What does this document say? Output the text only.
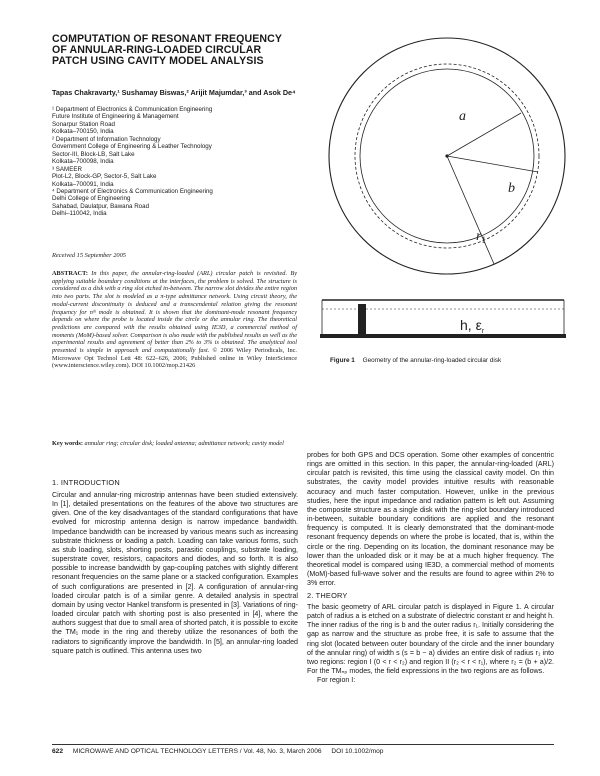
COMPUTATION OF RESONANT FREQUENCY OF ANNULAR-RING-LOADED CIRCULAR PATCH USING CAVITY MODEL ANALYSIS
Tapas Chakravarty,¹ Sushamay Biswas,² Arijit Majumdar,³ and Asok De⁴
¹ Department of Electronics & Communication Engineering
Future Institute of Engineering & Management
Sonarpur Station Road
Kolkata–700150, India
² Department of Information Technology
Government College of Engineering & Leather Technology
Sector-III, Block-LB, Salt Lake
Kolkata–700098, India
³ SAMEER
Plot-L2, Block-GP, Sector-5, Salt Lake
Kolkata–700091, India
⁴ Department of Electronics & Communication Engineering
Delhi College of Engineering
Sahabad, Daulatpur, Bawana Road
Delhi–110042, India
Received 15 September 2005
ABSTRACT: In this paper, the annular-ring-loaded (ARL) circular patch is revisited. By applying suitable boundary conditions at the interfaces, the problem is solved. The structure is considered as a disk with a ring slot etched in-between. The narrow slot divides the entire region into two parts. The slot is modeled as a π-type admittance network. Using circuit theory, the modal-current discontinuity is deduced and a transcendental relation giving the resonant frequency for nᵗʰ mode is obtained. It is shown that the dominant-mode resonant frequency depends on where the probe is located inside the circle or the annular ring. The theoretical predictions are compared with the results obtained using IE3D, a commercial method of moments (MoM)-based solver. Comparison is also made with the published results as well as the experimental results and agreement of better than 2% to 3% is obtained. The analytical tool presented is simple in approach and computationally fast. © 2006 Wiley Periodicals, Inc. Microwave Opt Technol Lett 48: 622–626, 2006; Published online in Wiley InterScience (www.interscience.wiley.com). DOI 10.1002/mop.21426
Key words: annular ring; circular disk; loaded antenna; admittance network; cavity model
1. INTRODUCTION

Circular and annular-ring microstrip antennas have been studied extensively. In [1], detailed presentations on the features of the above two structures are given. One of the key disadvantages of the standard configurations that have evolved for microstrip antenna design is narrow impedance bandwidth. Impedance bandwidth can be increased by various means such as increasing substrate thickness or loading a patch. Loading can take various forms, such as stub loading, slots, shorting posts, parasitic couplings, substrate loading, superstrate cover, resistors, capacitors and diodes, and so forth. It is also possible to increase bandwidth by gap-coupling patches with slightly different resonant frequencies on the same plane or a stacked configuration. Examples of such configurations are presented in [2]. A configuration of annular-ring loaded circular patch is of a similar genre. A detailed analysis in spectral domain by using vector Hankel transform is presented in [3]. Variations of ring-loaded circular patch with shorting post is also presented in [4], where the authors suggest that due to small area of shorted patch, it is possible to excite the TM₁ mode in the ring and thereby utilize the resonances of both the radiators to significantly improve the bandwidth. In [5], an annular-ring loaded square patch is outlined. This antenna uses two

a
b
$r_1$
h, $\varepsilon_r$
Figure 1 Geometry of the annular-ring-loaded circular disk

probes for both GPS and DCS operation. Some other examples of concentric rings are omitted in this section. In this paper, the annular-ring-loaded (ARL) circular patch is revisited, this time using the classical cavity model. On thin substrates, the cavity model provides intuitive results with reasonable accuracy and much faster computation. However, unlike in the previous studies, here the input impedance and radiation pattern is left out. Assuming the composite structure as a single disk with the ring-slot boundary introduced in-between, suitable boundary conditions are applied and the resonant frequency is computed. It is clearly demonstrated that the dominant-mode resonant frequency depends on where the probe is located, that is, within the circle or the ring. Depending on its location, the dominant resonance may be lower than the unloaded disk or it may be at a much higher frequency. The theoretical model is compared using IE3D, a commercial method of moments (MoM)-based full-wave solver and the results are found to agree within 2% to 3% error.

2. THEORY
The basic geometry of ARL circular patch is displayed in Figure 1. A circular patch of radius a is etched on a substrate of dielectric constant εr and height h. The inner radius of the ring is b and the outer radius r₁. Initially considering the gap as narrow and the structure as probe free, it is safe to assume that the ring slot (located between outer boundary of the circle and the inner boundary of the annular ring) of width s (s = b − a) divides an entire disk of radius r₁ into two regions: region I (0 < r < r₂) and region II (r₂ < r < r₁), where r₂ = (b + a)/2. For the TMₙₚ modes, the field expressions in the two regions are as follows.
For region I:
622 MICROWAVE AND OPTICAL TECHNOLOGY LETTERS / Vol. 48, No. 3, March 2006 DOI 10.1002/mop
